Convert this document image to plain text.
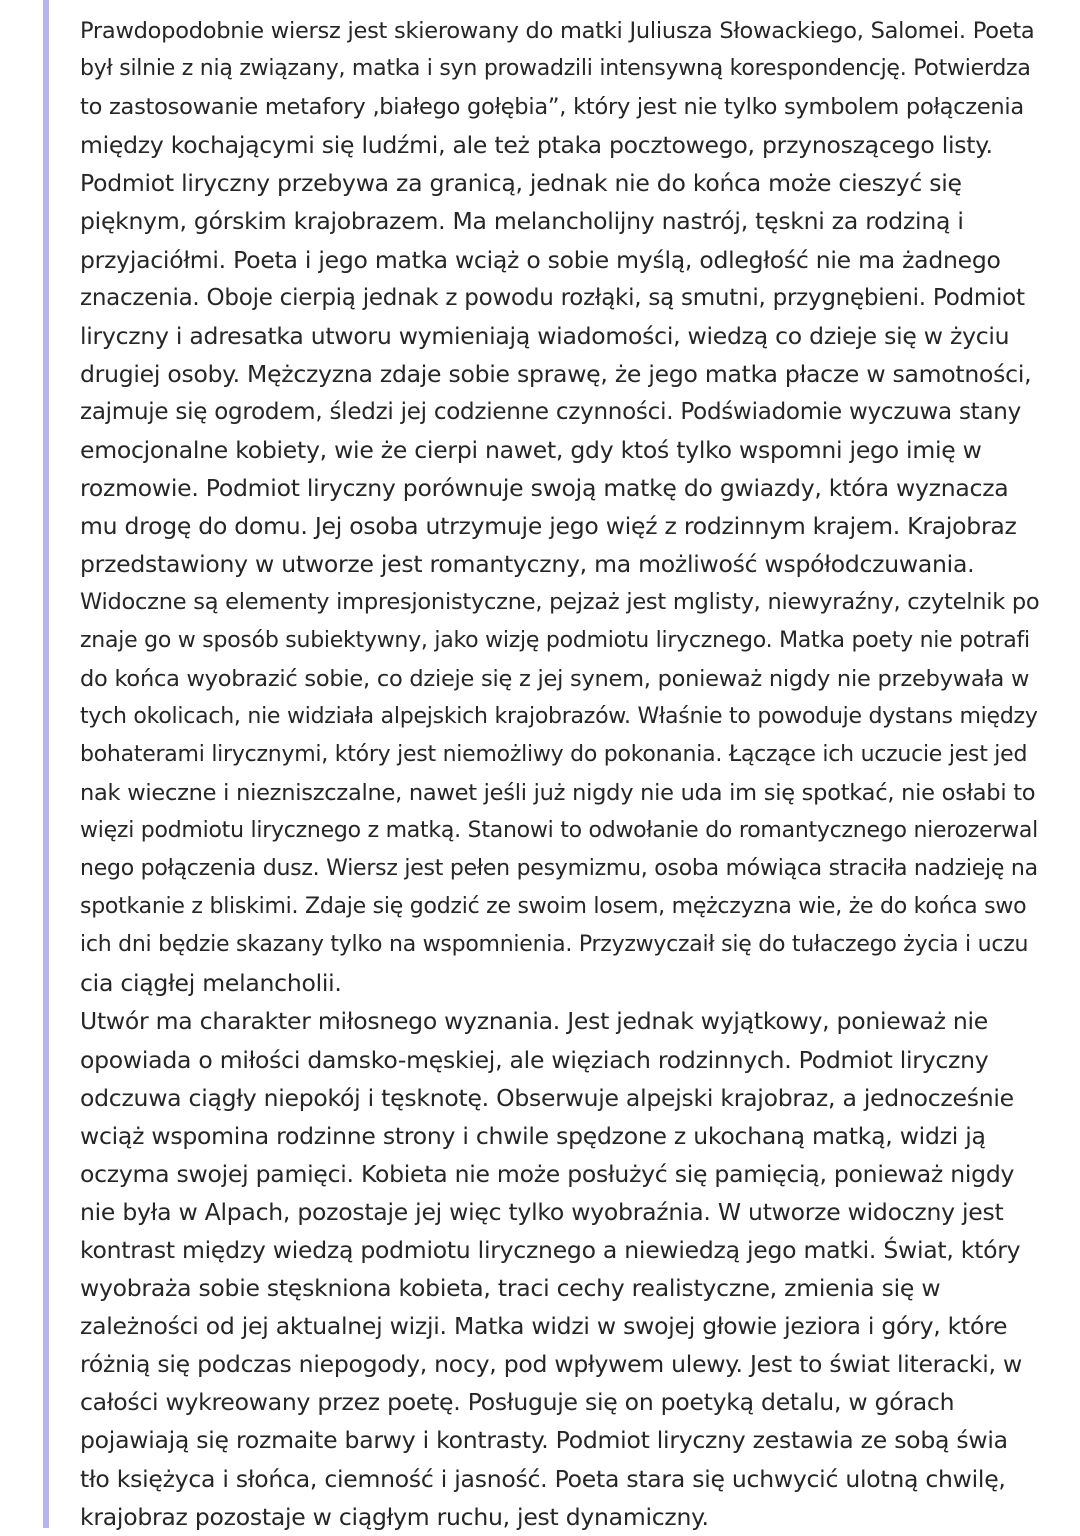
Prawdopodobnie wiersz jest skierowany do matki Juliusza Słowackiego, Salomei. Poeta
był silnie z nią związany, matka i syn prowadzili intensywną korespondencję. Potwierdza
to zastosowanie metafory ‚białego gołębia”, który jest nie tylko symbolem połączenia
między kochającymi się ludźmi, ale też ptaka pocztowego, przynoszącego listy.
Podmiot liryczny przebywa za granicą, jednak nie do końca może cieszyć się
pięknym, górskim krajobrazem. Ma melancholijny nastrój, tęskni za rodziną i
przyjaciółmi. Poeta i jego matka wciąż o sobie myślą, odległość nie ma żadnego
znaczenia. Oboje cierpią jednak z powodu rozłąki, są smutni, przygnębieni. Podmiot
liryczny i adresatka utworu wymieniają wiadomości, wiedzą co dzieje się w życiu
drugiej osoby. Mężczyzna zdaje sobie sprawę, że jego matka płacze w samotności,
zajmuje się ogrodem, śledzi jej codzienne czynności. Podświadomie wyczuwa stany
emocjonalne kobiety, wie że cierpi nawet, gdy ktoś tylko wspomni jego imię w
rozmowie. Podmiot liryczny porównuje swoją matkę do gwiazdy, która wyznacza
mu drogę do domu. Jej osoba utrzymuje jego więź z rodzinnym krajem. Krajobraz
przedstawiony w utworze jest romantyczny, ma możliwość współodczuwania.
Widoczne są elementy impresjonistyczne, pejzaż jest mglisty, niewyraźny, czytelnik po
znaje go w sposób subiektywny, jako wizję podmiotu lirycznego. Matka poety nie potrafi
do końca wyobrazić sobie, co dzieje się z jej synem, ponieważ nigdy nie przebywała w
tych okolicach, nie widziała alpejskich krajobrazów. Właśnie to powoduje dystans między
bohaterami lirycznymi, który jest niemożliwy do pokonania. Łączące ich uczucie jest jed
nak wieczne i niezniszczalne, nawet jeśli już nigdy nie uda im się spotkać, nie osłabi to
więzi podmiotu lirycznego z matką. Stanowi to odwołanie do romantycznego nierozerwal
nego połączenia dusz. Wiersz jest pełen pesymizmu, osoba mówiąca straciła nadzieję na
spotkanie z bliskimi. Zdaje się godzić ze swoim losem, mężczyzna wie, że do końca swo
ich dni będzie skazany tylko na wspomnienia. Przyzwyczaił się do tułaczego życia i uczu
cia ciągłej melancholii.
Utwór ma charakter miłosnego wyznania. Jest jednak wyjątkowy, ponieważ nie
opowiada o miłości damsko-męskiej, ale więziach rodzinnych. Podmiot liryczny
odczuwa ciągły niepokój i tęsknotę. Obserwuje alpejski krajobraz, a jednocześnie
wciąż wspomina rodzinne strony i chwile spędzone z ukochaną matką, widzi ją
oczyma swojej pamięci. Kobieta nie może posłużyć się pamięcią, ponieważ nigdy
nie była w Alpach, pozostaje jej więc tylko wyobraźnia. W utworze widoczny jest
kontrast między wiedzą podmiotu lirycznego a niewiedzą jego matki. Świat, który
wyobraża sobie stęskniona kobieta, traci cechy realistyczne, zmienia się w
zależności od jej aktualnej wizji. Matka widzi w swojej głowie jeziora i góry, które
różnią się podczas niepogody, nocy, pod wpływem ulewy. Jest to świat literacki, w
całości wykreowany przez poetę. Posługuje się on poetyką detalu, w górach
pojawiają się rozmaite barwy i kontrasty. Podmiot liryczny zestawia ze sobą świa
tło księżyca i słońca, ciemność i jasność. Poeta stara się uchwycić ulotną chwilę,
krajobraz pozostaje w ciągłym ruchu, jest dynamiczny.
